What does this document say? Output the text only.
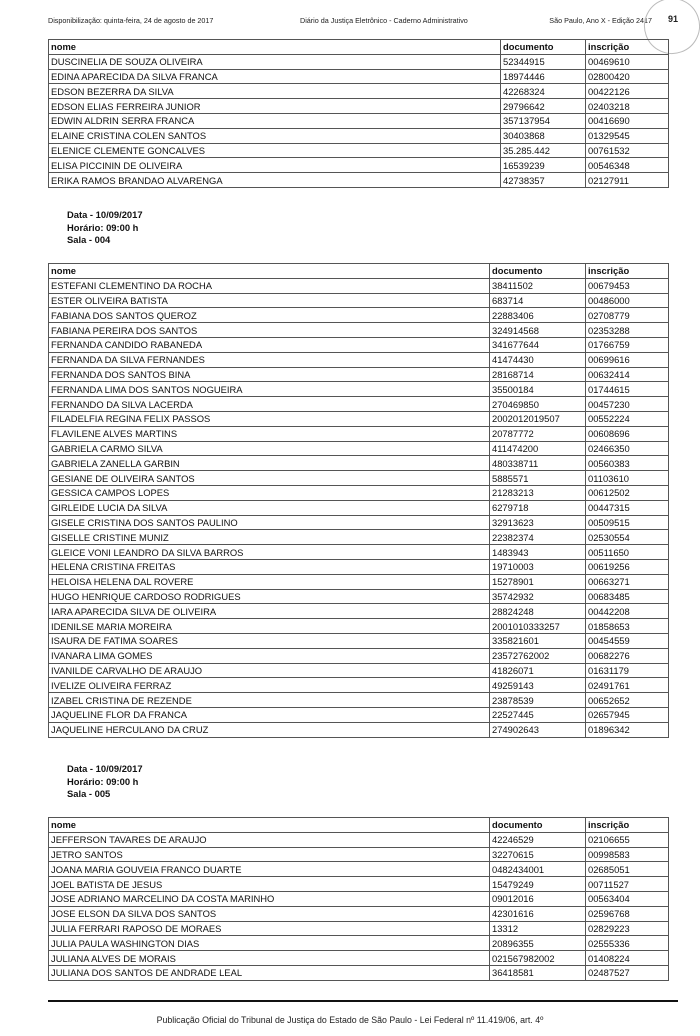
Disponibilização: quinta-feira, 24 de agosto de 2017	Diário da Justiça Eletrônico - Caderno Administrativo	São Paulo, Ano X - Edição 2417 91
nome	documento	inscrição
DUSCINELIA DE SOUZA OLIVEIRA	52344915	00469610
EDINA APARECIDA DA SILVA FRANCA	18974446	02800420
EDSON BEZERRA DA SILVA	42268324	00422126
EDSON ELIAS FERREIRA JUNIOR	29796642	02403218
EDWIN ALDRIN SERRA FRANCA	357137954	00416690
ELAINE CRISTINA COLEN SANTOS	30403868	01329545
ELENICE CLEMENTE GONCALVES	35.285.442	00761532
ELISA PICCININ DE OLIVEIRA	16539239	00546348
ERIKA RAMOS BRANDAO ALVARENGA	42738357	02127911
Data - 10/09/2017
Horário: 09:00 h
Sala - 004
nome	documento	inscrição
ESTEFANI CLEMENTINO DA ROCHA	38411502	00679453
ESTER OLIVEIRA BATISTA	683714	00486000
FABIANA DOS SANTOS QUEROZ	22883406	02708779
FABIANA PEREIRA DOS SANTOS	324914568	02353288
FERNANDA CANDIDO RABANEDA	341677644	01766759
FERNANDA DA SILVA FERNANDES	41474430	00699616
FERNANDA DOS SANTOS BINA	28168714	00632414
FERNANDA LIMA DOS SANTOS NOGUEIRA	35500184	01744615
FERNANDO DA SILVA LACERDA	270469850	00457230
FILADELFIA REGINA FELIX PASSOS	2002012019507	00552224
FLAVILENE ALVES MARTINS	20787772	00608696
GABRIELA CARMO SILVA	411474200	02466350
GABRIELA ZANELLA GARBIN	480338711	00560383
GESIANE DE OLIVEIRA SANTOS	5885571	01103610
GESSICA CAMPOS LOPES	21283213	00612502
GIRLEIDE LUCIA DA SILVA	6279718	00447315
GISELE CRISTINA DOS SANTOS PAULINO	32913623	00509515
GISELLE CRISTINE MUNIZ	22382374	02530554
GLEICE VONI LEANDRO DA SILVA BARROS	1483943	00511650
HELENA CRISTINA FREITAS	19710003	00619256
HELOISA HELENA DAL ROVERE	15278901	00663271
HUGO HENRIQUE CARDOSO RODRIGUES	35742932	00683485
IARA APARECIDA SILVA DE OLIVEIRA	28824248	00442208
IDENILSE MARIA MOREIRA	2001010333257	01858653
ISAURA DE FATIMA SOARES	335821601	00454559
IVANARA LIMA GOMES	23572762002	00682276
IVANILDE CARVALHO DE ARAUJO	41826071	01631179
IVELIZE OLIVEIRA FERRAZ	49259143	02491761
IZABEL CRISTINA DE REZENDE	23878539	00652652
JAQUELINE FLOR DA FRANCA	22527445	02657945
JAQUELINE HERCULANO DA CRUZ	274902643	01896342
Data - 10/09/2017
Horário: 09:00 h
Sala - 005
nome	documento	inscrição
JEFFERSON TAVARES DE ARAUJO	42246529	02106655
JETRO SANTOS	32270615	00998583
JOANA MARIA GOUVEIA FRANCO DUARTE	0482434001	02685051
JOEL BATISTA DE JESUS	15479249	00711527
JOSE ADRIANO MARCELINO DA COSTA MARINHO	09012016	00563404
JOSE ELSON DA SILVA DOS SANTOS	42301616	02596768
JULIA FERRARI RAPOSO DE MORAES	13312	02829223
JULIA PAULA WASHINGTON DIAS	20896355	02555336
JULIANA ALVES DE MORAIS	021567982002	01408224
JULIANA DOS SANTOS DE ANDRADE LEAL	36418581	02487527
Publicação Oficial do Tribunal de Justiça do Estado de São Paulo - Lei Federal nº 11.419/06, art. 4º
